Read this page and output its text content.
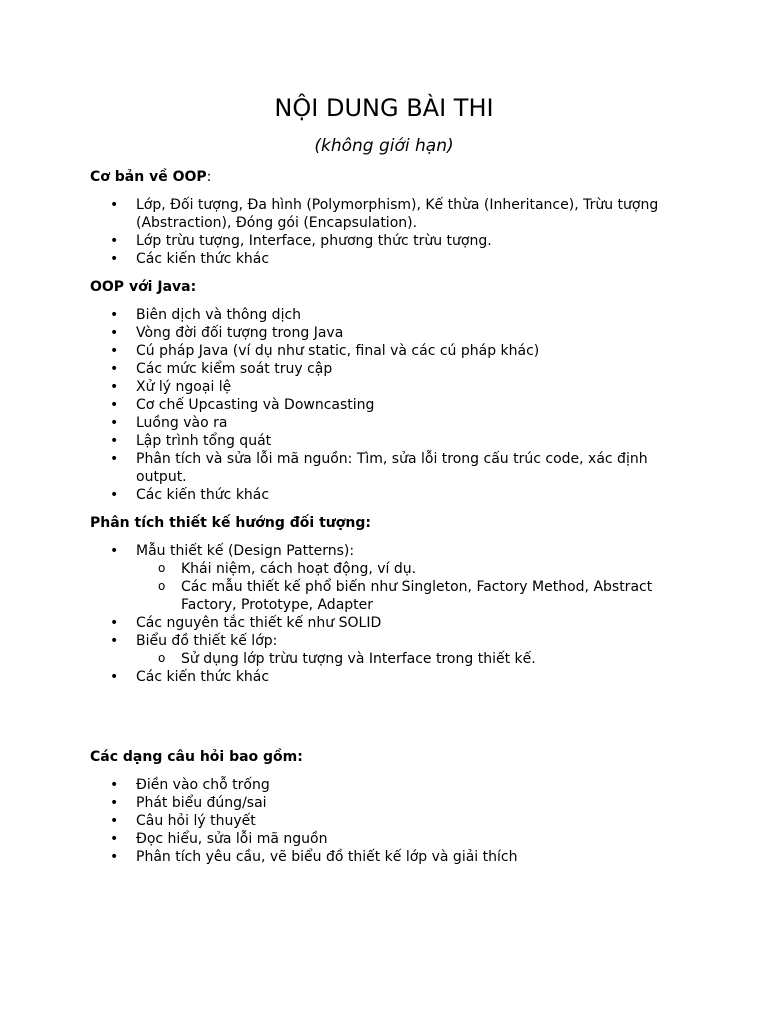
NỘI DUNG BÀI THI
(không giới hạn)

Cơ bản về OOP:

• Lớp, Đối tượng, Đa hình (Polymorphism), Kế thừa (Inheritance), Trừu tượng (Abstraction), Đóng gói (Encapsulation).
• Lớp trừu tượng, Interface, phương thức trừu tượng.
• Các kiến thức khác

OOP với Java:

• Biên dịch và thông dịch
• Vòng đời đối tượng trong Java
• Cú pháp Java (ví dụ như static, final và các cú pháp khác)
• Các mức kiểm soát truy cập
• Xử lý ngoại lệ
• Cơ chế Upcasting và Downcasting
• Luồng vào ra
• Lập trình tổng quát
• Phân tích và sửa lỗi mã nguồn: Tìm, sửa lỗi trong cấu trúc code, xác định output.
• Các kiến thức khác

Phân tích thiết kế hướng đối tượng:

• Mẫu thiết kế (Design Patterns):
o Khái niệm, cách hoạt động, ví dụ.
o Các mẫu thiết kế phổ biến như Singleton, Factory Method, Abstract Factory, Prototype, Adapter
• Các nguyên tắc thiết kế như SOLID
• Biểu đồ thiết kế lớp:
o Sử dụng lớp trừu tượng và Interface trong thiết kế.
• Các kiến thức khác

Các dạng câu hỏi bao gồm:

• Điền vào chỗ trống
• Phát biểu đúng/sai
• Câu hỏi lý thuyết
• Đọc hiểu, sửa lỗi mã nguồn
• Phân tích yêu cầu, vẽ biểu đồ thiết kế lớp và giải thích
